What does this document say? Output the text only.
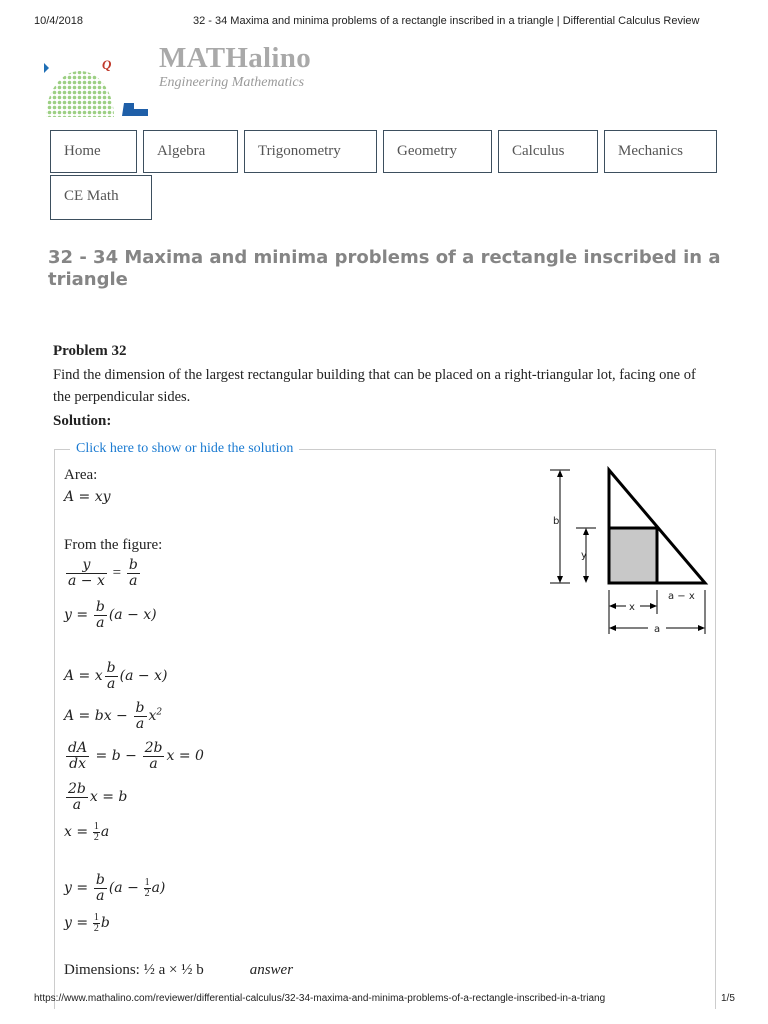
10/4/2018	32 - 34 Maxima and minima problems of a rectangle inscribed in a triangle | Differential Calculus Review
Q MATHalino
Engineering Mathematics
Home	Algebra	Trigonometry	Geometry	Calculus	Mechanics
CE Math
32 - 34 Maxima and minima problems of a rectangle inscribed in a triangle
Problem 32
Find the dimension of the largest rectangular building that can be placed on a right-triangular lot, facing one of the perpendicular sides.
Solution:
Click here to show or hide the solution
b
y
x
a − x
a
Area:
A = xy
From the figure:
$\frac{y}{a - x} = \frac{b}{a}$
$y = \frac{b}{a} (a - x)$
A = x $\frac{b}{a} (a - x)$
A = bx − $\frac{b}{a} x^2$
$\frac{dA}{dx} = b - \frac{2b}{a}$ x = 0
$\frac{2b}{a}$ x = b
$x = \frac{1}{2}$ a
$y = \frac{b}{a} (a - \frac{1}{2} a)$
$y = \frac{1}{2}$ b
Dimensions: ½ a × ½ b	answer
https://www.mathalino.com/reviewer/differential-calculus/32-34-maxima-and-minima-problems-of-a-rectangle-inscribed-in-a-triang	1/5
